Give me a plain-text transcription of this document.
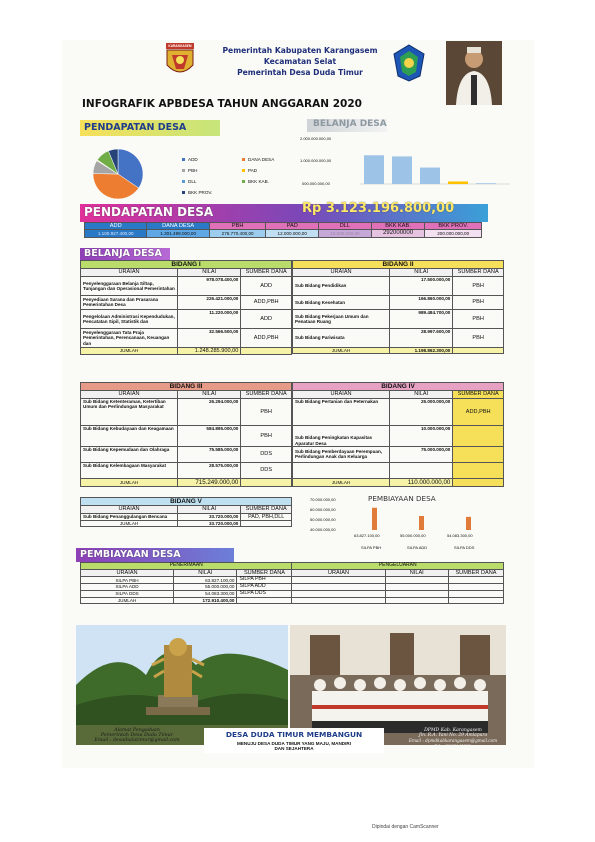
KARANGASEM
Pemerintah Kabupaten Karangasem
Kecamatan Selat
Pemerintah Desa Duda Timur
INFOGRAFIK APBDESA TAHUN ANGGARAN 2020
PENDAPATAN DESA
ADD	DANA DESA
PBH	PAD
DLL	BKK KAB.
BKK PROV.
BELANJA DESA
2.000.000.000,00
1.000.000.000,00
000.000.000,00
PENDAPATAN DESA	Rp 3.123.196.800,00
ADD	DANA DESA	PBH	PAD	DLL	BKK KAB.	BKK PROV.
1.100.927.400,00	1.301.499.000,00	276.770.400,00	12.000.000,00	10.000.000,00	292000000	200.000.000,00
BELANJA DESA
BIDANG I		
URAIAN	NILAI	SUMBER DANA
Penyelenggaraan Belanja Siltap, Tunjangan dan Operasional Pemerintahan	978.078.400,00	ADD
Penyediaan Sarana dan Prasarana Pemerintahan Desa	226.421.000,00	ADD,PBH
Pengelolaan Administrasi Kependudukan, Pencatatan Sipil, Statistik dan	11.220.000,00	ADD
Penyelenggaraan Tata Praja Pemerintahan, Perencanaan, Keuangan dan	32.566.500,00	ADD,PBH
JUMLAH	1.248.285.900,00	
BIDANG II		
URAIAN	NILAI	SUMBER DANA
Sub Bidang Pendidikan	17.500.000,00	PBH
Sub Bidang Kesehatan	166.860.000,00	PBH
Sub Bidang Pekerjaan Umum dan Penataan Ruang	989.484.700,00	PBH
Sub Bidang Pariwisata	28.997.600,00	PBH
JUMLAH	1.198.862.300,00	
BIDANG III		
URAIAN	NILAI	SUMBER DANA
Sub Bidang Ketenteraman, Ketertiban Umum dan Perlindungan Masyarakat	26.294.000,00	PBH
Sub Bidang Kebudayaan dan Keagamaan	584.895.000,00	PBH
Sub Bidang Kepemudaan dan Olahraga	75.585.000,00	DDS
Sub Bidang Kelembagaan Masyarakat	28.575.000,00	DDS
JUMLAH	715.249.000,00	
BIDANG IV		
URAIAN	NILAI	SUMBER DANA
Sub Bidang Pertanian dan Peternakan	25.000.000,00	ADD,PBH
Sub Bidang Peningkatan Kapasitas Aparatur Desa	10.000.000,00	
Sub Bidang Pemberdayaan Perempuan, Perlindungan Anak dan Keluarga	75.000.000,00	

JUMLAH	110.000.000,00	
BIDANG V		
URAIAN	NILAI	SUMBER DANA
Sub Bidang Penanggulangan Bencana	33.720.000,00	PAD, PBH,DLL
JUMLAH	33.720.000,00	
PEMBIAYAAN DESA
70.000.000,00
60.000.000,00
50.000.000,00
40.000.000,00
63.827.100,00	55.000.000,00	54.083.300,00
SILPA PBH	SILPA ADD	SILPA DDS
PEMBIAYAAN DESA
PENERIMAAN			PENGELUARAN		
URAIAN	NILAI	SUMBER DANA	URAIAN	NILAI	SUMBER DANA
SILPA PBH	63.827.100,00	SILPA PBH			
SILPA ADD	55.000.000,00	SILPA ADD			
SILPA DDS	54.083.300,00	SILPA DDS			
JUMLAH	172.910.400,00				
Alamat Pengaduan
Pemerintah Desa Duda Timur
Email : desadudatimur@gmail.com
DESA DUDA TIMUR MEMBANGUN
MENUJU DESA DUDA TIMUR YANG MAJU, MANDIRI
DAN SEJAHTERA
DPMD Kab. Karangasem
Jln. R.A. Yani No. 29 Amlapura
Email : dpmdkabkarangasem@gmail.com
Telp. (0363) 21170
Dipindai dengan CamScanner
